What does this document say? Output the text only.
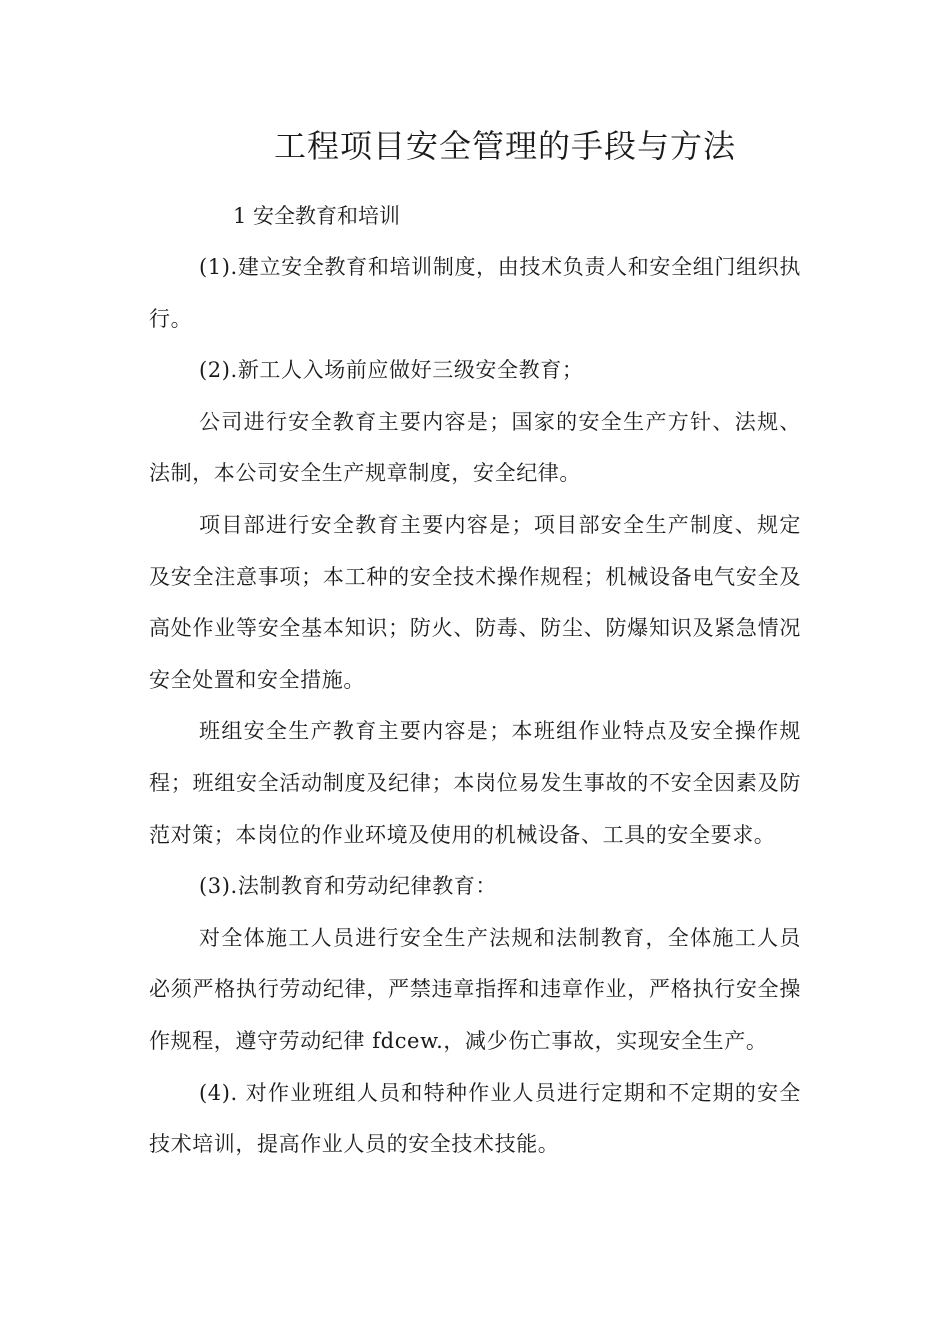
工程项目安全管理的手段与方法

1 安全教育和培训

(1).建立安全教育和培训制度，由技术负责人和安全组门组织执行。

(2).新工人入场前应做好三级安全教育；

公司进行安全教育主要内容是；国家的安全生产方针、法规、法制，本公司安全生产规章制度，安全纪律。

项目部进行安全教育主要内容是；项目部安全生产制度、规定及安全注意事项；本工种的安全技术操作规程；机械设备电气安全及高处作业等安全基本知识；防火、防毒、防尘、防爆知识及紧急情况安全处置和安全措施。

班组安全生产教育主要内容是；本班组作业特点及安全操作规程；班组安全活动制度及纪律；本岗位易发生事故的不安全因素及防范对策；本岗位的作业环境及使用的机械设备、工具的安全要求。

(3).法制教育和劳动纪律教育：

对全体施工人员进行安全生产法规和法制教育，全体施工人员必须严格执行劳动纪律，严禁违章指挥和违章作业，严格执行安全操作规程，遵守劳动纪律 fdcew.，减少伤亡事故，实现安全生产。

(4). 对作业班组人员和特种作业人员进行定期和不定期的安全技术培训，提高作业人员的安全技术技能。
